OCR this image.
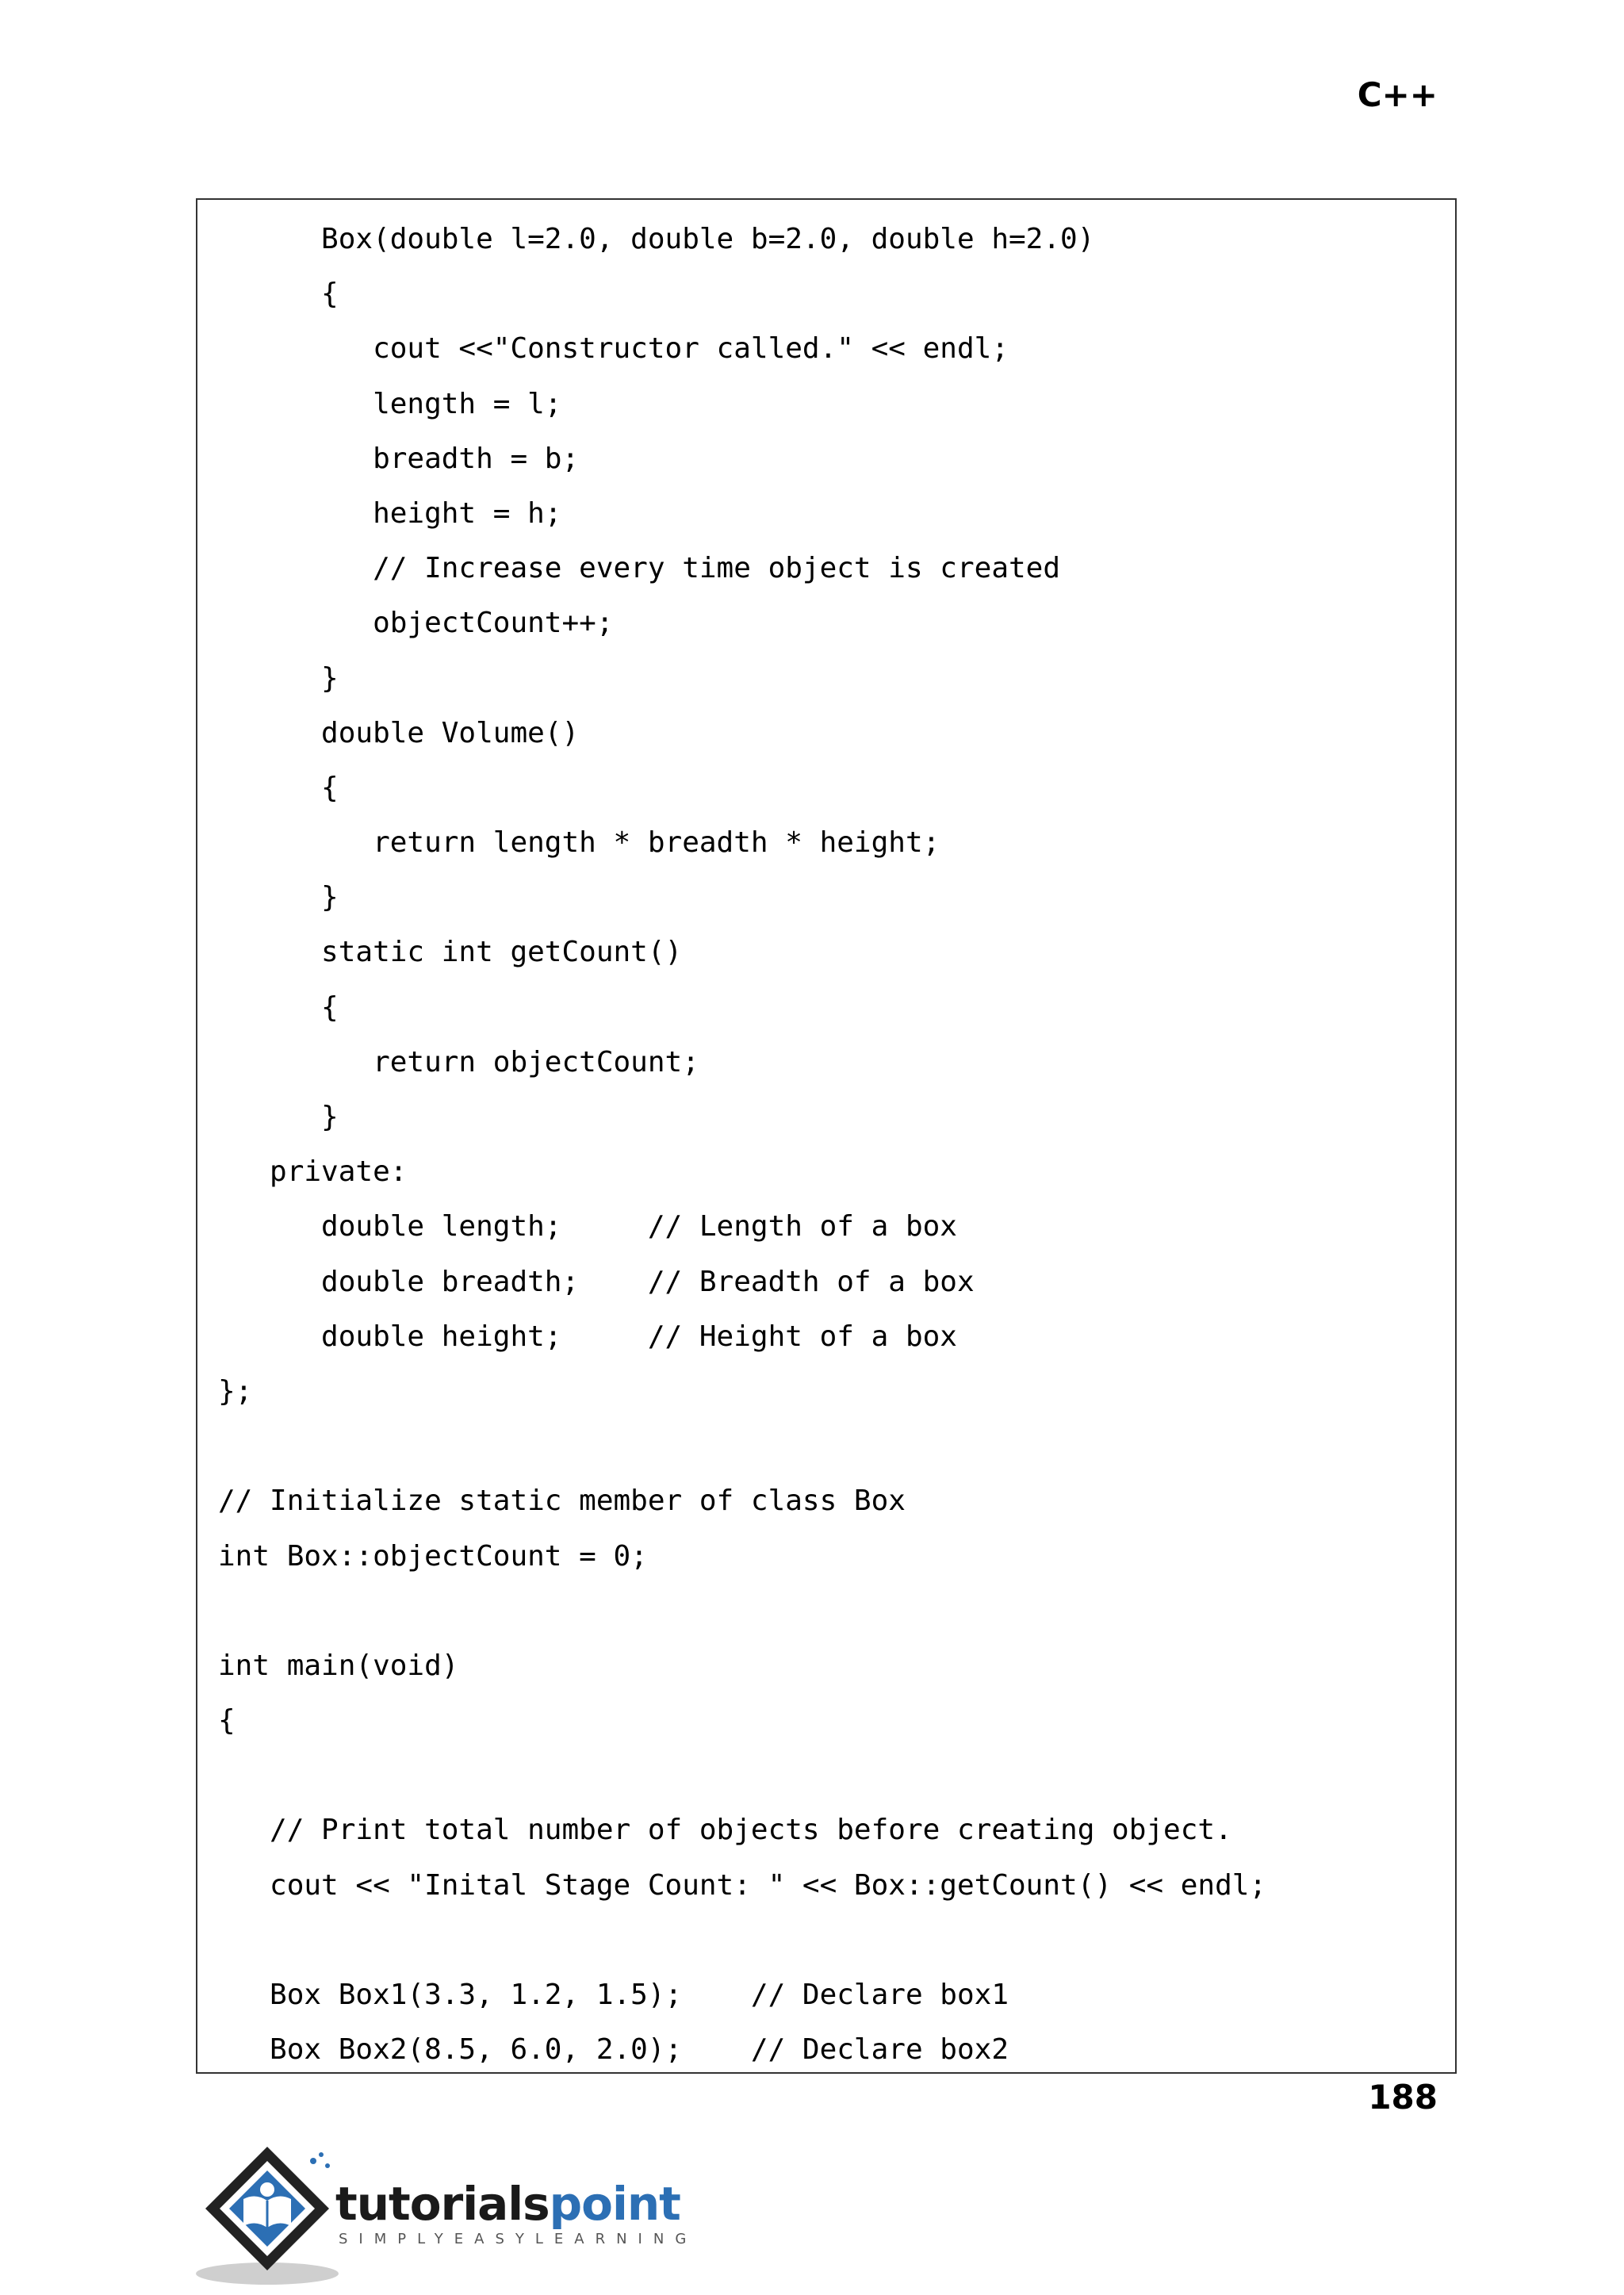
C++
Box(double l=2.0, double b=2.0, double h=2.0)
{
cout <<"Constructor called." << endl;
length = l;
breadth = b;
height = h;
// Increase every time object is created
objectCount++;
}
double Volume()
{
return length * breadth * height;
}
static int getCount()
{
return objectCount;
}
private:
double length;     // Length of a box
double breadth;    // Breadth of a box
double height;     // Height of a box
};
// Initialize static member of class Box
int Box::objectCount = 0;
int main(void)
{
// Print total number of objects before creating object.
cout << "Inital Stage Count: " << Box::getCount() << endl;
Box Box1(3.3, 1.2, 1.5);    // Declare box1
Box Box2(8.5, 6.0, 2.0);    // Declare box2
188
tutorialspoint
SIMPLYEASYLEARNING
